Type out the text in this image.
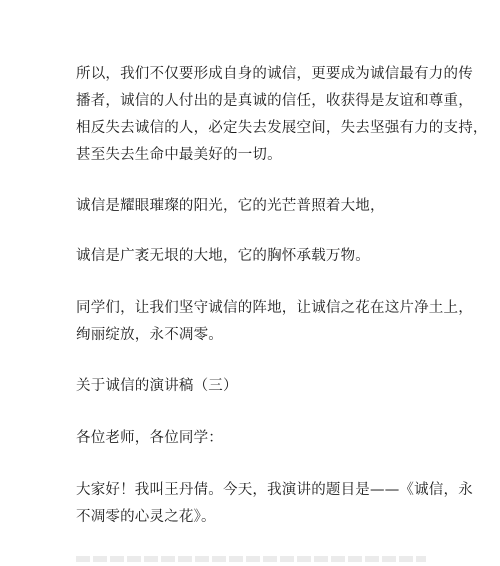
所以，我们不仅要形成自身的诚信，更要成为诚信最有力的传
播者，诚信的人付出的是真诚的信任，收获得是友谊和尊重，
相反失去诚信的人，必定失去发展空间，失去坚强有力的支持，
甚至失去生命中最美好的一切。
诚信是耀眼璀璨的阳光，它的光芒普照着大地，
诚信是广袤无垠的大地，它的胸怀承载万物。
同学们，让我们坚守诚信的阵地，让诚信之花在这片净土上，
绚丽绽放，永不凋零。
关于诚信的演讲稿（三）
各位老师，各位同学：
大家好！我叫王丹倩。今天，我演讲的题目是——《诚信，永
不凋零的心灵之花》。
